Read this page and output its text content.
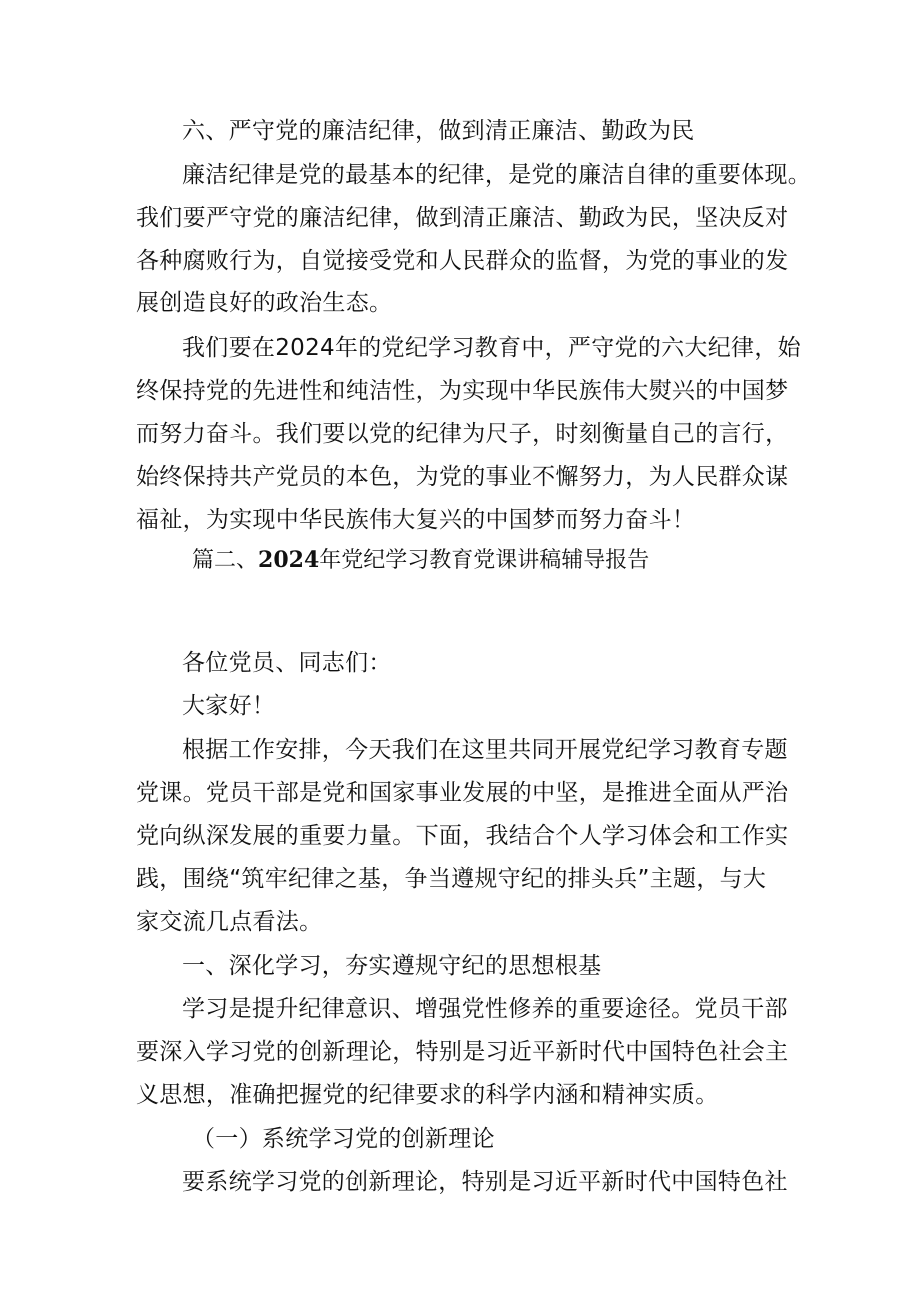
六、严守党的廉洁纪律，做到清正廉洁、勤政为民
廉洁纪律是党的最基本的纪律，是党的廉洁自律的重要体现。
我们要严守党的廉洁纪律，做到清正廉洁、勤政为民，坚决反对
各种腐败行为，自觉接受党和人民群众的监督，为党的事业的发
展创造良好的政治生态。
我们要在2024年的党纪学习教育中，严守党的六大纪律，始
终保持党的先进性和纯洁性，为实现中华民族伟大熨兴的中国梦
而努力奋斗。我们要以党的纪律为尺子，时刻衡量自己的言行，
始终保持共产党员的本色，为党的事业不懈努力，为人民群众谋
福祉，为实现中华民族伟大复兴的中国梦而努力奋斗！
篇二、2024年党纪学习教育党课讲稿辅导报告
各位党员、同志们：
大家好！
根据工作安排，今天我们在这里共同开展党纪学习教育专题
党课。党员干部是党和国家事业发展的中坚，是推进全面从严治
党向纵深发展的重要力量。下面，我结合个人学习体会和工作实
践，围绕“筑牢纪律之基，争当遵规守纪的排头兵”主题，与大
家交流几点看法。
一、深化学习，夯实遵规守纪的思想根基
学习是提升纪律意识、增强党性修养的重要途径。党员干部
要深入学习党的创新理论，特别是习近平新时代中国特色社会主
义思想，准确把握党的纪律要求的科学内涵和精神实质。
（一）系统学习党的创新理论
要系统学习党的创新理论，特别是习近平新时代中国特色社
